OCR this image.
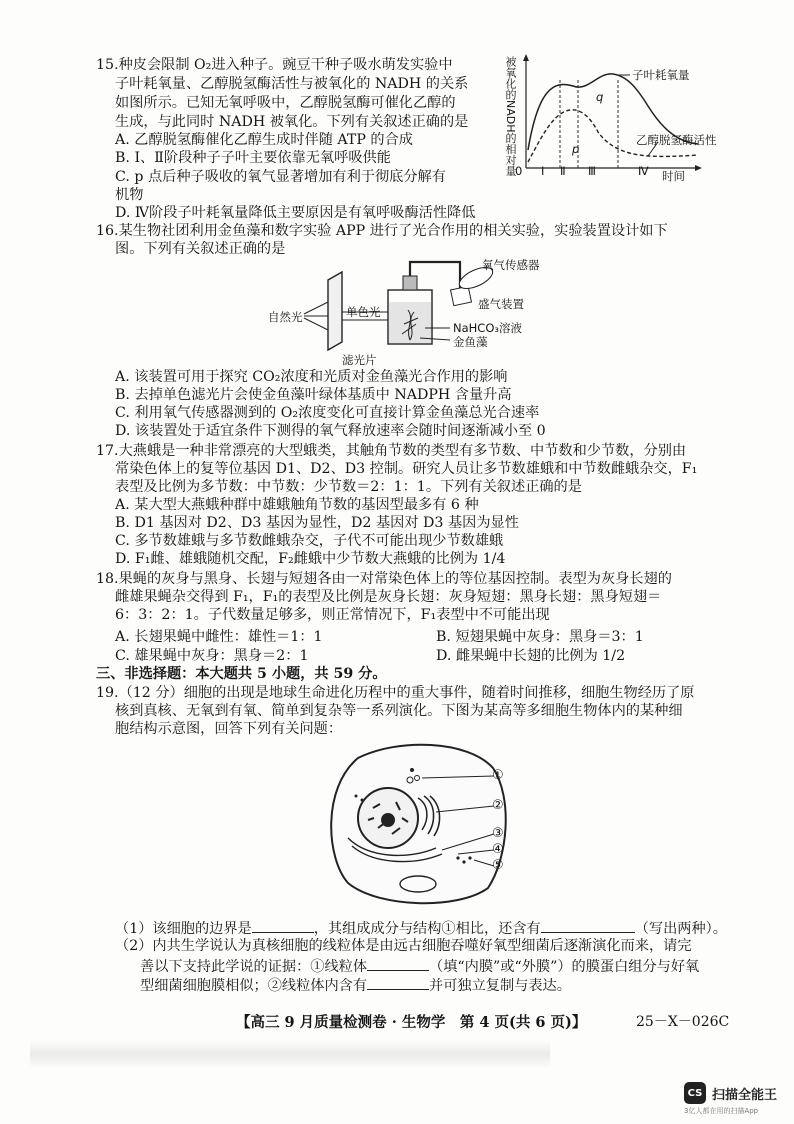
15.种皮会限制 O₂进入种子。豌豆干种子吸水萌发实验中
子叶耗氧量、乙醇脱氢酶活性与被氧化的 NADH 的关系
如图所示。已知无氧呼吸中，乙醇脱氢酶可催化乙醇的
生成，与此同时 NADH 被氧化。下列有关叙述正确的是
A. 乙醇脱氢酶催化乙醇生成时伴随 ATP 的合成
B. Ⅰ、Ⅱ阶段种子子叶主要依靠无氧呼吸供能
C. p 点后种子吸收的氧气显著增加有利于彻底分解有
机物
D. Ⅳ阶段子叶耗氧量降低主要原因是有氧呼吸酶活性降低
被氧化的NADH的相对量	子叶耗氧量
乙醇脱氢酶活性
q
p
0 Ⅰ Ⅱ Ⅲ	Ⅳ 时间
16.某生物社团利用金鱼藻和数字实验 APP 进行了光合作用的相关实验，实验装置设计如下
图。下列有关叙述正确的是
自然光	单色光
滤光片
氧气传感器
盛气装置
NaHCO₃溶液
金鱼藻
A. 该装置可用于探究 CO₂浓度和光质对金鱼藻光合作用的影响
B. 去掉单色滤光片会使金鱼藻叶绿体基质中 NADPH 含量升高
C. 利用氧气传感器测到的 O₂浓度变化可直接计算金鱼藻总光合速率
D. 该装置处于适宜条件下测得的氧气释放速率会随时间逐渐减小至 0
17.大燕蛾是一种非常漂亮的大型蛾类，其触角节数的类型有多节数、中节数和少节数，分别由
常染色体上的复等位基因 D1、D2、D3 控制。研究人员让多节数雄蛾和中节数雌蛾杂交，F₁
表型及比例为多节数：中节数：少节数＝2：1：1。下列有关叙述正确的是
A. 某大型大燕蛾种群中雄蛾触角节数的基因型最多有 6 种
B. D1 基因对 D2、D3 基因为显性，D2 基因对 D3 基因为显性
C. 多节数雄蛾与多节数雌蛾杂交，子代不可能出现少节数雄蛾
D. F₁雌、雄蛾随机交配，F₂雌蛾中少节数大燕蛾的比例为 1/4
18.果蝇的灰身与黑身、长翅与短翅各由一对常染色体上的等位基因控制。表型为灰身长翅的
雌雄果蝇杂交得到 F₁，F₁的表型及比例是灰身长翅：灰身短翅：黑身长翅：黑身短翅＝
6：3：2：1。子代数量足够多，则正常情况下，F₁表型中不可能出现
A. 长翅果蝇中雌性：雄性＝1：1	B. 短翅果蝇中灰身：黑身＝3：1
C. 雄果蝇中灰身：黑身＝2：1	D. 雌果蝇中长翅的比例为 1/2
三、非选择题：本大题共 5 小题，共 59 分。
19.（12 分）细胞的出现是地球生命进化历程中的重大事件，随着时间推移，细胞生物经历了原
核到真核、无氧到有氧、简单到复杂等一系列演化。下图为某高等多细胞生物体内的某种细
胞结构示意图，回答下列有关问题：
①
②
③
④
⑤
（1）该细胞的边界是	，其组成成分与结构①相比，还含有	（写出两种）。
（2）内共生学说认为真核细胞的线粒体是由远古细胞吞噬好氧型细菌后逐渐演化而来，请完
善以下支持此学说的证据：①线粒体	（填“内膜”或“外膜”）的膜蛋白组分与好氧
型细菌细胞膜相似；②线粒体内含有	并可独立复制与表达。
【高三 9 月质量检测卷 · 生物学　第 4 页(共 6 页)】	25－X－026C
CS 扫描全能王
3亿人都在用的扫描App
